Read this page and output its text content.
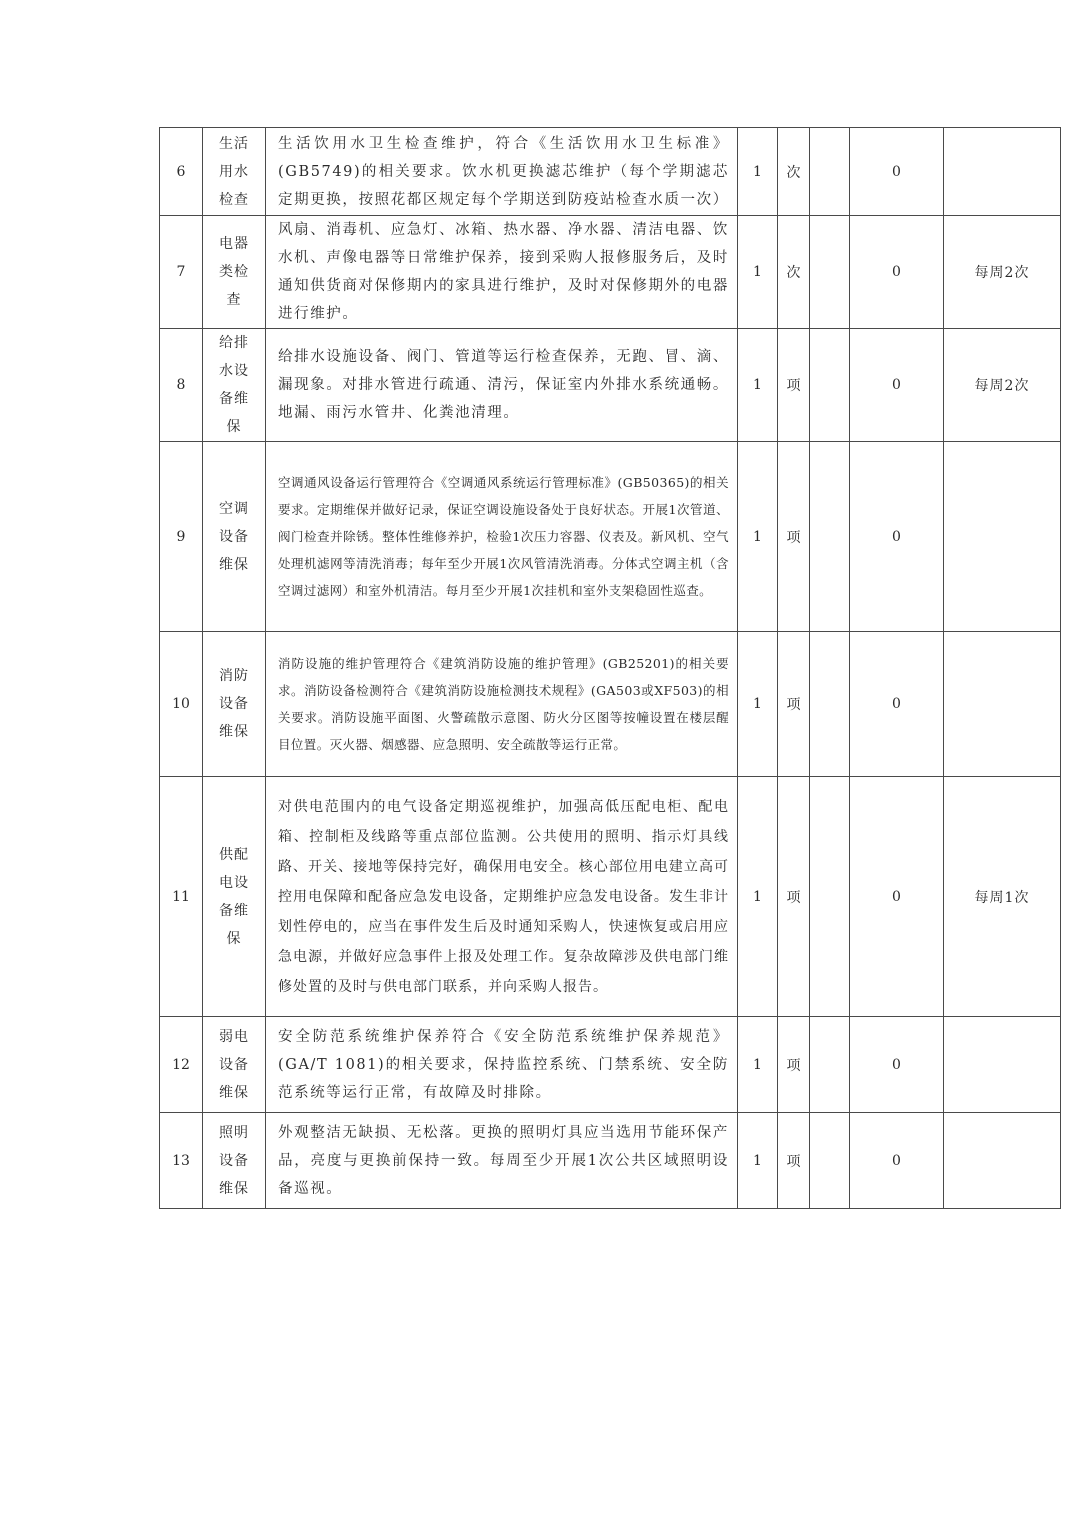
6	生活用水检查	生活饮用水卫生检查维护，符合《生活饮用水卫生标准》(GB5749)的相关要求。饮水机更换滤芯维护（每个学期滤芯定期更换，按照花都区规定每个学期送到防疫站检查水质一次）	1	次		0	
7	电器类检查	风扇、消毒机、应急灯、冰箱、热水器、净水器、清洁电器、饮水机、声像电器等日常维护保养，接到采购人报修服务后，及时通知供货商对保修期内的家具进行维护，及时对保修期外的电器进行维护。	1	次		0	每周2次
8	给排水设备维保	给排水设施设备、阀门、管道等运行检查保养，无跑、冒、滴、漏现象。对排水管进行疏通、清污，保证室内外排水系统通畅。地漏、雨污水管井、化粪池清理。	1	项		0	每周2次
9	空调设备维保	空调通风设备运行管理符合《空调通风系统运行管理标准》(GB50365)的相关要求。定期维保并做好记录，保证空调设施设备处于良好状态。开展1次管道、阀门检查并除锈。整体性维修养护，检验1次压力容器、仪表及。新风机、空气处理机滤网等清洗消毒；每年至少开展1次风管清洗消毒。分体式空调主机（含空调过滤网）和室外机清洁。每月至少开展1次挂机和室外支架稳固性巡查。	1	项		0	
10	消防设备维保	消防设施的维护管理符合《建筑消防设施的维护管理》(GB25201)的相关要求。消防设备检测符合《建筑消防设施检测技术规程》(GA503或XF503)的相关要求。消防设施平面图、火警疏散示意图、防火分区图等按幢设置在楼层醒目位置。灭火器、烟感器、应急照明、安全疏散等运行正常。	1	项		0	
11	供配电设备维保	对供电范围内的电气设备定期巡视维护，加强高低压配电柜、配电箱、控制柜及线路等重点部位监测。公共使用的照明、指示灯具线路、开关、接地等保持完好，确保用电安全。核心部位用电建立高可控用电保障和配备应急发电设备，定期维护应急发电设备。发生非计划性停电的，应当在事件发生后及时通知采购人，快速恢复或启用应急电源，并做好应急事件上报及处理工作。复杂故障涉及供电部门维修处置的及时与供电部门联系，并向采购人报告。	1	项		0	每周1次
12	弱电设备维保	安全防范系统维护保养符合《安全防范系统维护保养规范》(GA/T 1081)的相关要求，保持监控系统、门禁系统、安全防范系统等运行正常，有故障及时排除。	1	项		0	
13	照明设备维保	外观整洁无缺损、无松落。更换的照明灯具应当选用节能环保产品，亮度与更换前保持一致。每周至少开展1次公共区域照明设备巡视。	1	项		0	
